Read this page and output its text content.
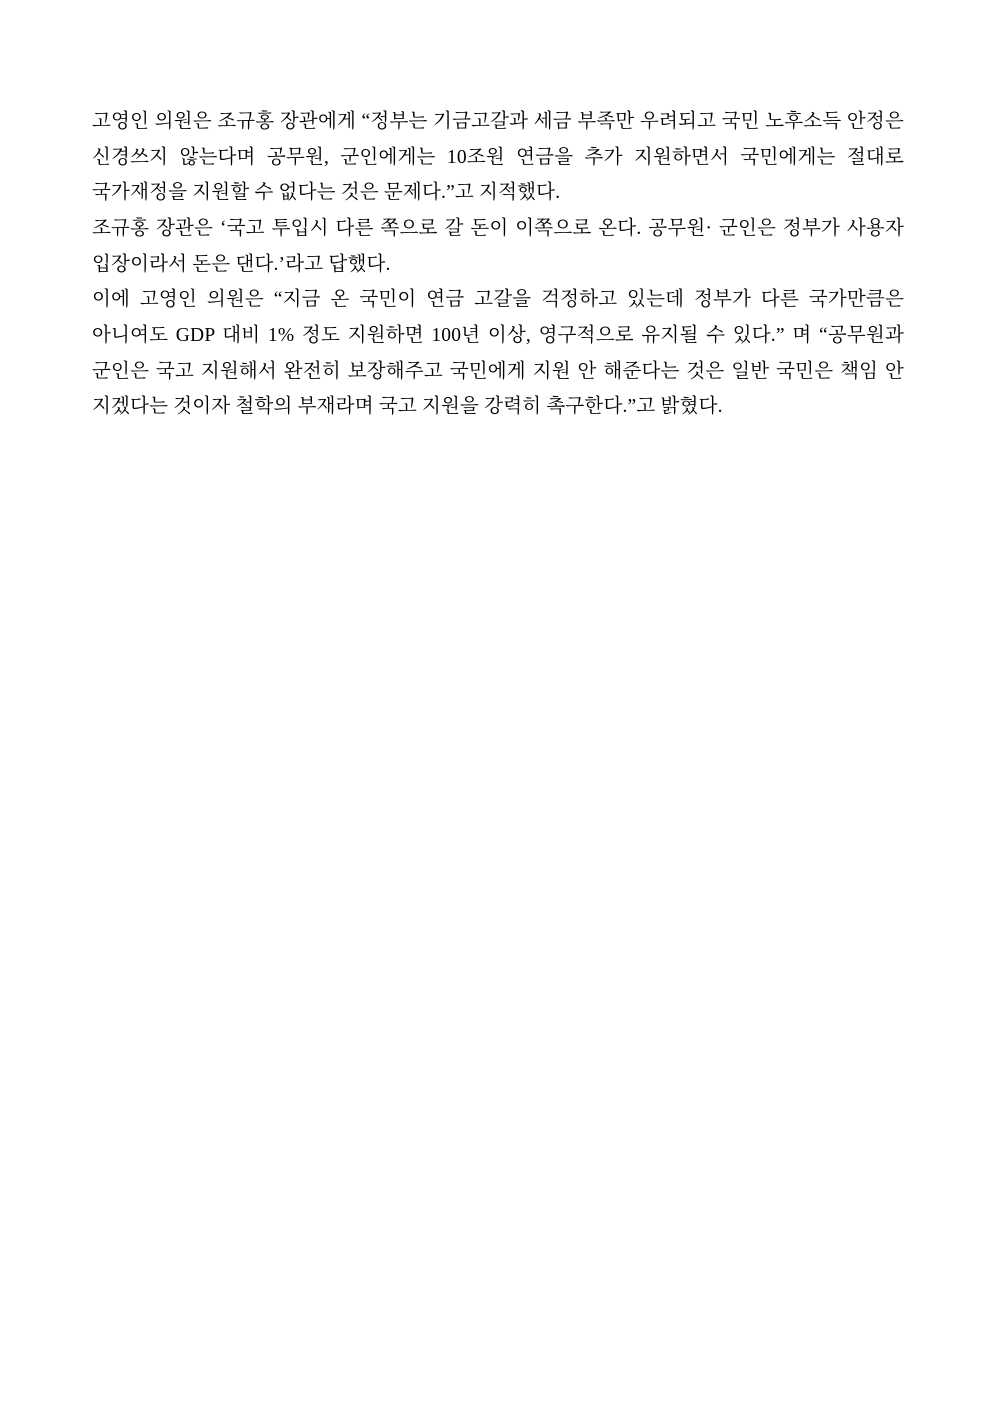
고영인 의원은 조규홍 장관에게 “정부는 기금고갈과 세금 부족만 우려되고 국민 노후소득 안정은 신경쓰지 않는다며 공무원, 군인에게는 10조원 연금을 추가 지원하면서 국민에게는 절대로 국가재정을 지원할 수 없다는 것은 문제다.”고 지적했다.

조규홍 장관은 ‘국고 투입시 다른 쪽으로 갈 돈이 이쪽으로 온다. 공무원· 군인은 정부가 사용자 입장이라서 돈은 댄다.’라고 답했다.

이에 고영인 의원은 “지금 온 국민이 연금 고갈을 걱정하고 있는데 정부가 다른 국가만큼은 아니여도 GDP 대비 1% 정도 지원하면 100년 이상, 영구적으로 유지될 수 있다.” 며 “공무원과 군인은 국고 지원해서 완전히 보장해주고 국민에게 지원 안 해준다는 것은 일반 국민은 책임 안 지겠다는 것이자 철학의 부재라며 국고 지원을 강력히 촉구한다.”고 밝혔다.
